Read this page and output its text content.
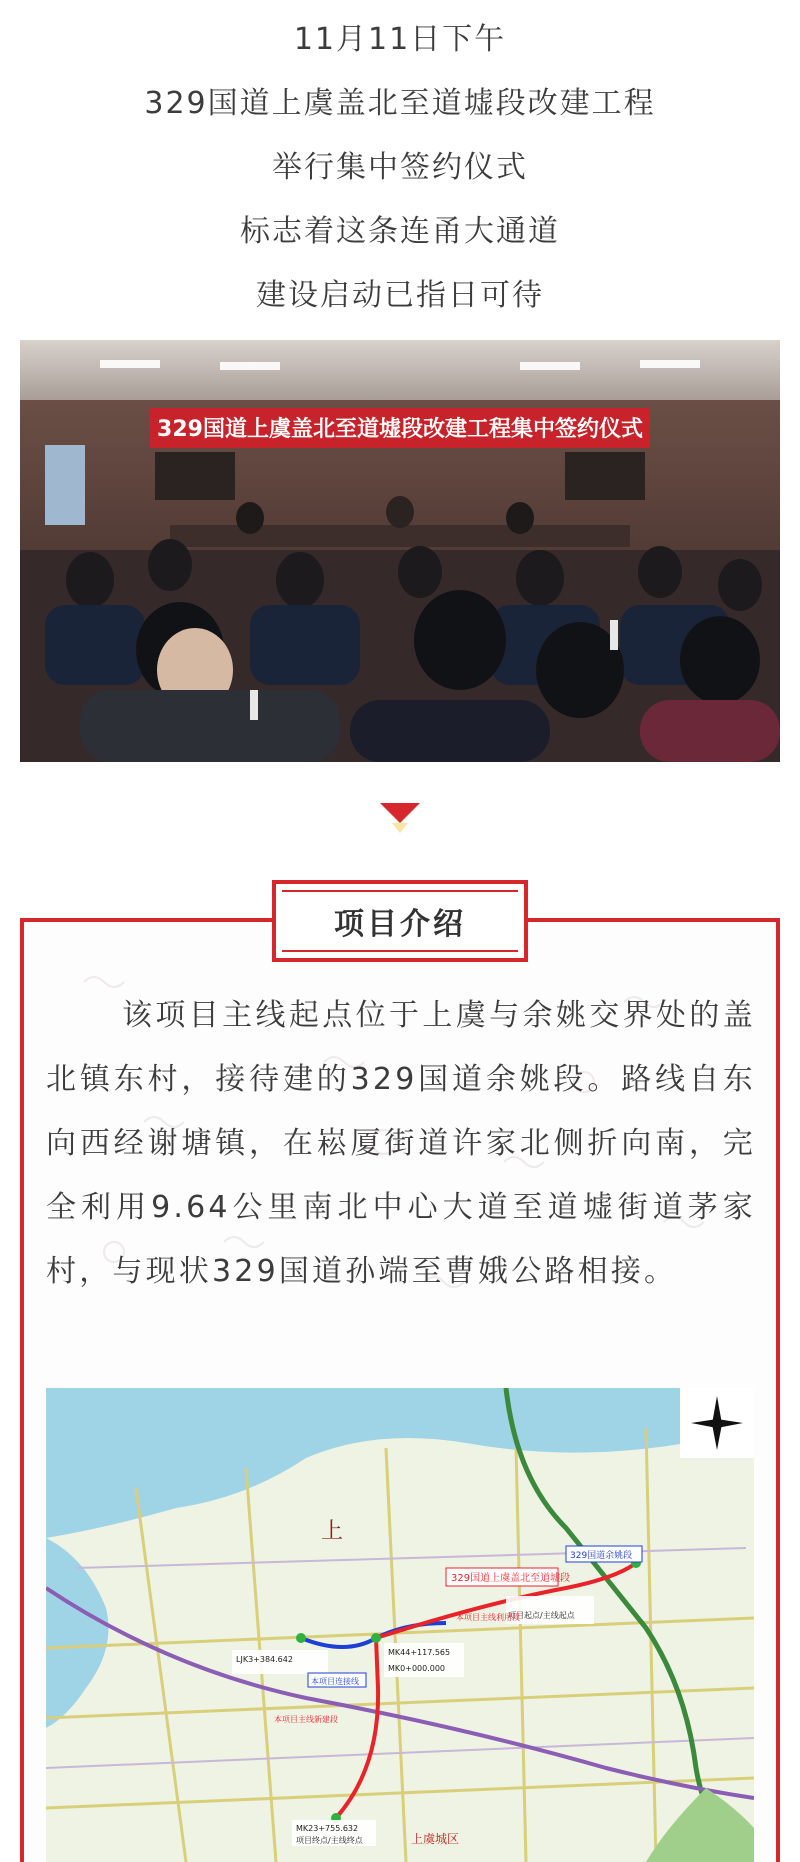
11月11日下午
329国道上虞盖北至道墟段改建工程
举行集中签约仪式
标志着这条连甬大通道
建设启动已指日可待
329国道上虞盖北至道墟段改建工程集中签约仪式
项目介绍
该项目主线起点位于上虞与余姚交界处的盖北镇东村，接待建的329国道余姚段。路线自东向西经谢塘镇，在崧厦街道许家北侧折向南，完全利用9.64公里南北中心大道至道墟街道茅家村，与现状329国道孙端至曹娥公路相接。
329国道上虞盖北至道墟段
329国道余姚段
上
LJK3+384.642
MK44+117.565
MK0+000.000
项目起点/主线起点
MK23+755.632
项目终点/主线终点	上虞城区
本项目连接线
本项目主线新建段
本项目主线利用段
